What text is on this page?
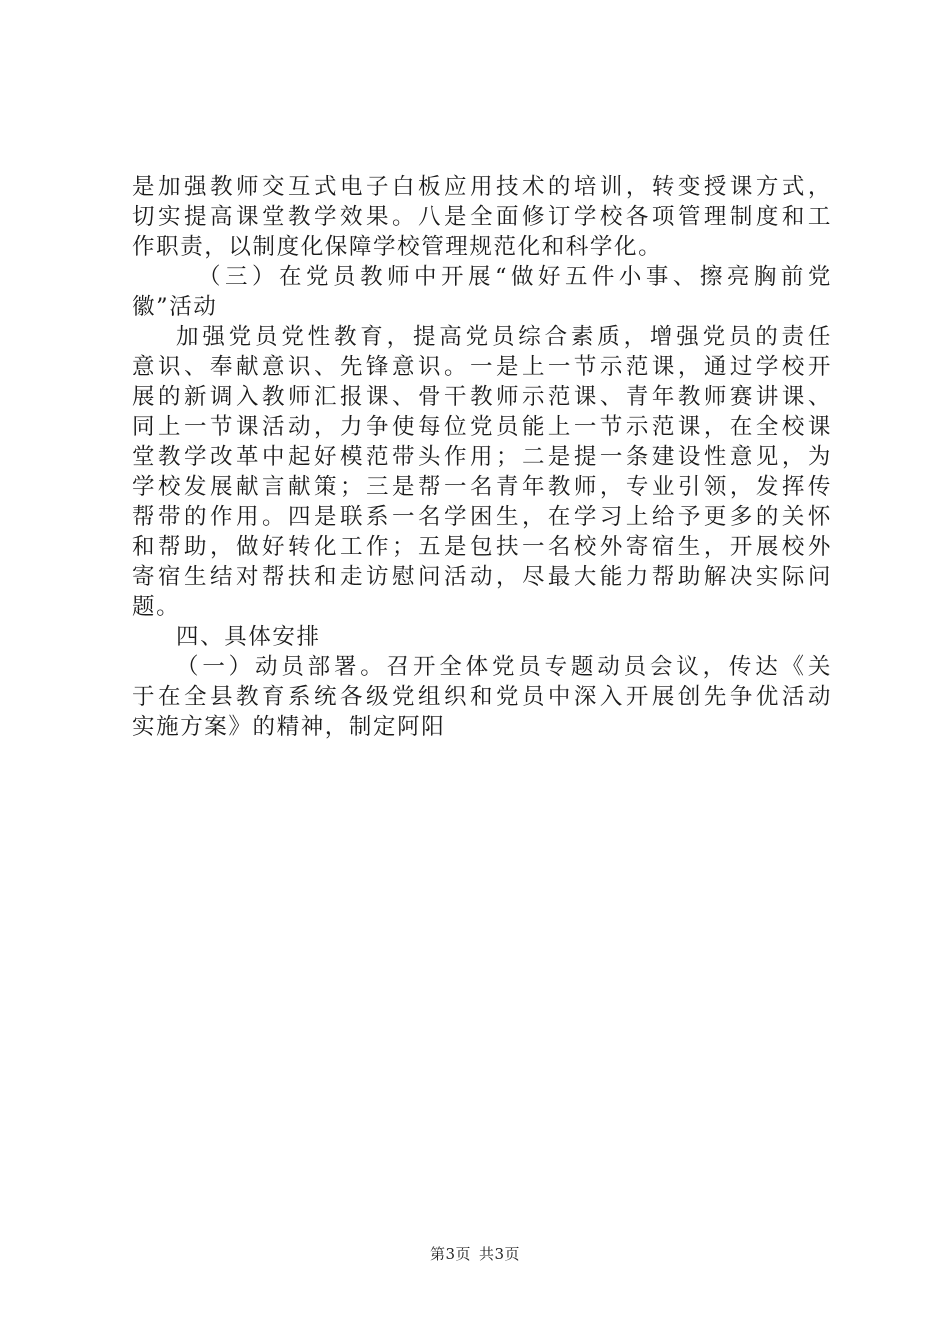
是加强教师交互式电子白板应用技术的培训，转变授课方式，
切实提高课堂教学效果。八是全面修订学校各项管理制度和工
作职责，以制度化保障学校管理规范化和科学化。
（三）在党员教师中开展“做好五件小事、擦亮胸前党
徽”活动
加强党员党性教育，提高党员综合素质，增强党员的责任
意识、奉献意识、先锋意识。一是上一节示范课，通过学校开
展的新调入教师汇报课、骨干教师示范课、青年教师赛讲课、
同上一节课活动，力争使每位党员能上一节示范课，在全校课
堂教学改革中起好模范带头作用；二是提一条建设性意见，为
学校发展献言献策；三是帮一名青年教师，专业引领，发挥传
帮带的作用。四是联系一名学困生，在学习上给予更多的关怀
和帮助，做好转化工作；五是包扶一名校外寄宿生，开展校外
寄宿生结对帮扶和走访慰问活动，尽最大能力帮助解决实际问
题。
四、具体安排
（一）动员部署。召开全体党员专题动员会议，传达《关
于在全县教育系统各级党组织和党员中深入开展创先争优活动
实施方案》的精神，制定阿阳
第3页 共3页
